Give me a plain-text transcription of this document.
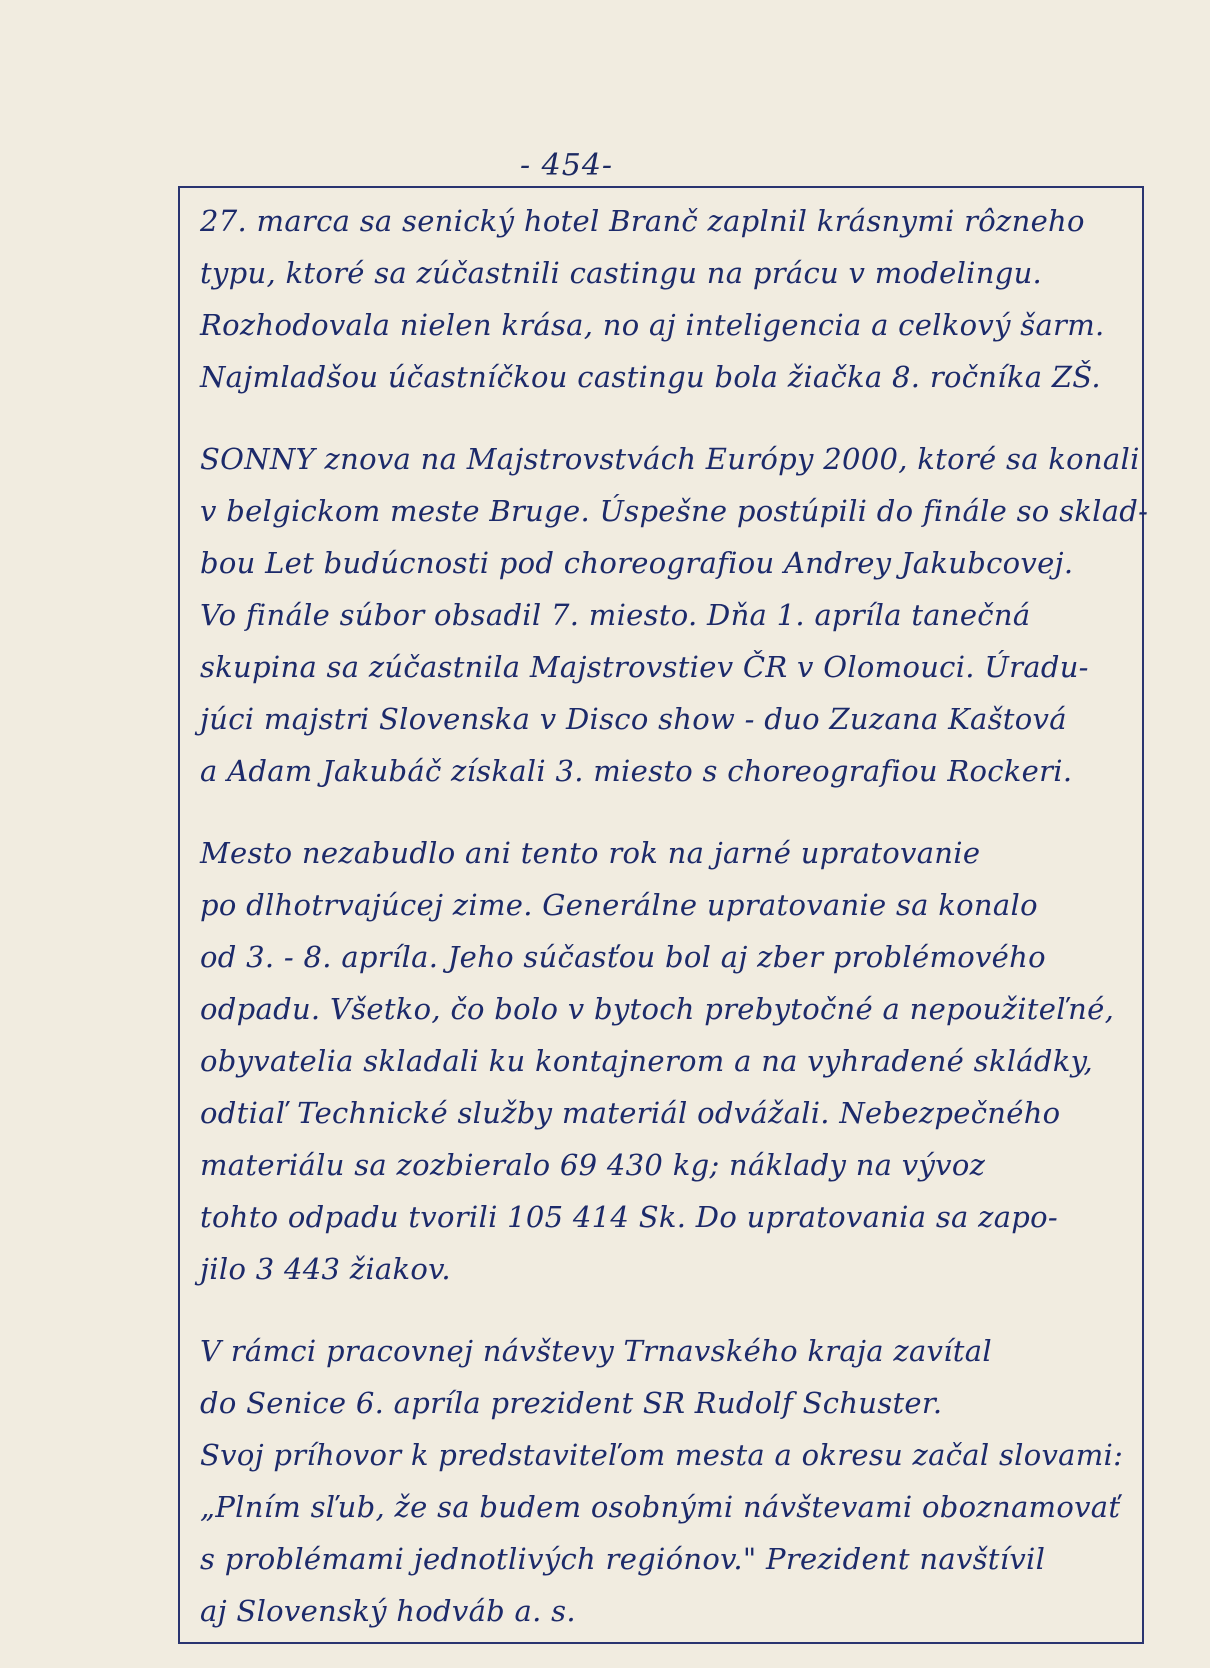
- 454-
27. marca sa senický hotel Branč zaplnil krásnymi rôzneho
typu, ktoré sa zúčastnili castingu na prácu v modelingu.
Rozhodovala nielen krása, no aj inteligencia a celkový šarm.
Najmladšou účastníčkou castingu bola žiačka 8. ročníka ZŠ.
SONNY znova na Majstrovstvách Európy 2000, ktoré sa konali
v belgickom meste Bruge. Úspešne postúpili do finále so sklad-
bou Let budúcnosti pod choreografiou Andrey Jakubcovej.
Vo finále súbor obsadil 7. miesto. Dňa 1. apríla tanečná
skupina sa zúčastnila Majstrovstiev ČR v Olomouci. Úradu-
júci majstri Slovenska v Disco show - duo Zuzana Kaštová
a Adam Jakubáč získali 3. miesto s choreografiou Rockeri.
Mesto nezabudlo ani tento rok na jarné upratovanie
po dlhotrvajúcej zime. Generálne upratovanie sa konalo
od 3. - 8. apríla. Jeho súčasťou bol aj zber problémového
odpadu. Všetko, čo bolo v bytoch prebytočné a nepoužiteľné,
obyvatelia skladali ku kontajnerom a na vyhradené skládky,
odtiaľ Technické služby materiál odvážali. Nebezpečného
materiálu sa zozbieralo 69 430 kg; náklady na vývoz
tohto odpadu tvorili 105 414 Sk. Do upratovania sa zapo-
jilo 3 443 žiakov.
V rámci pracovnej návštevy Trnavského kraja zavítal
do Senice 6. apríla prezident SR Rudolf Schuster.
Svoj príhovor k predstaviteľom mesta a okresu začal slovami:
„Plním sľub, že sa budem osobnými návštevami oboznamovať
s problémami jednotlivých regiónov." Prezident navštívil
aj Slovenský hodváb a. s.
